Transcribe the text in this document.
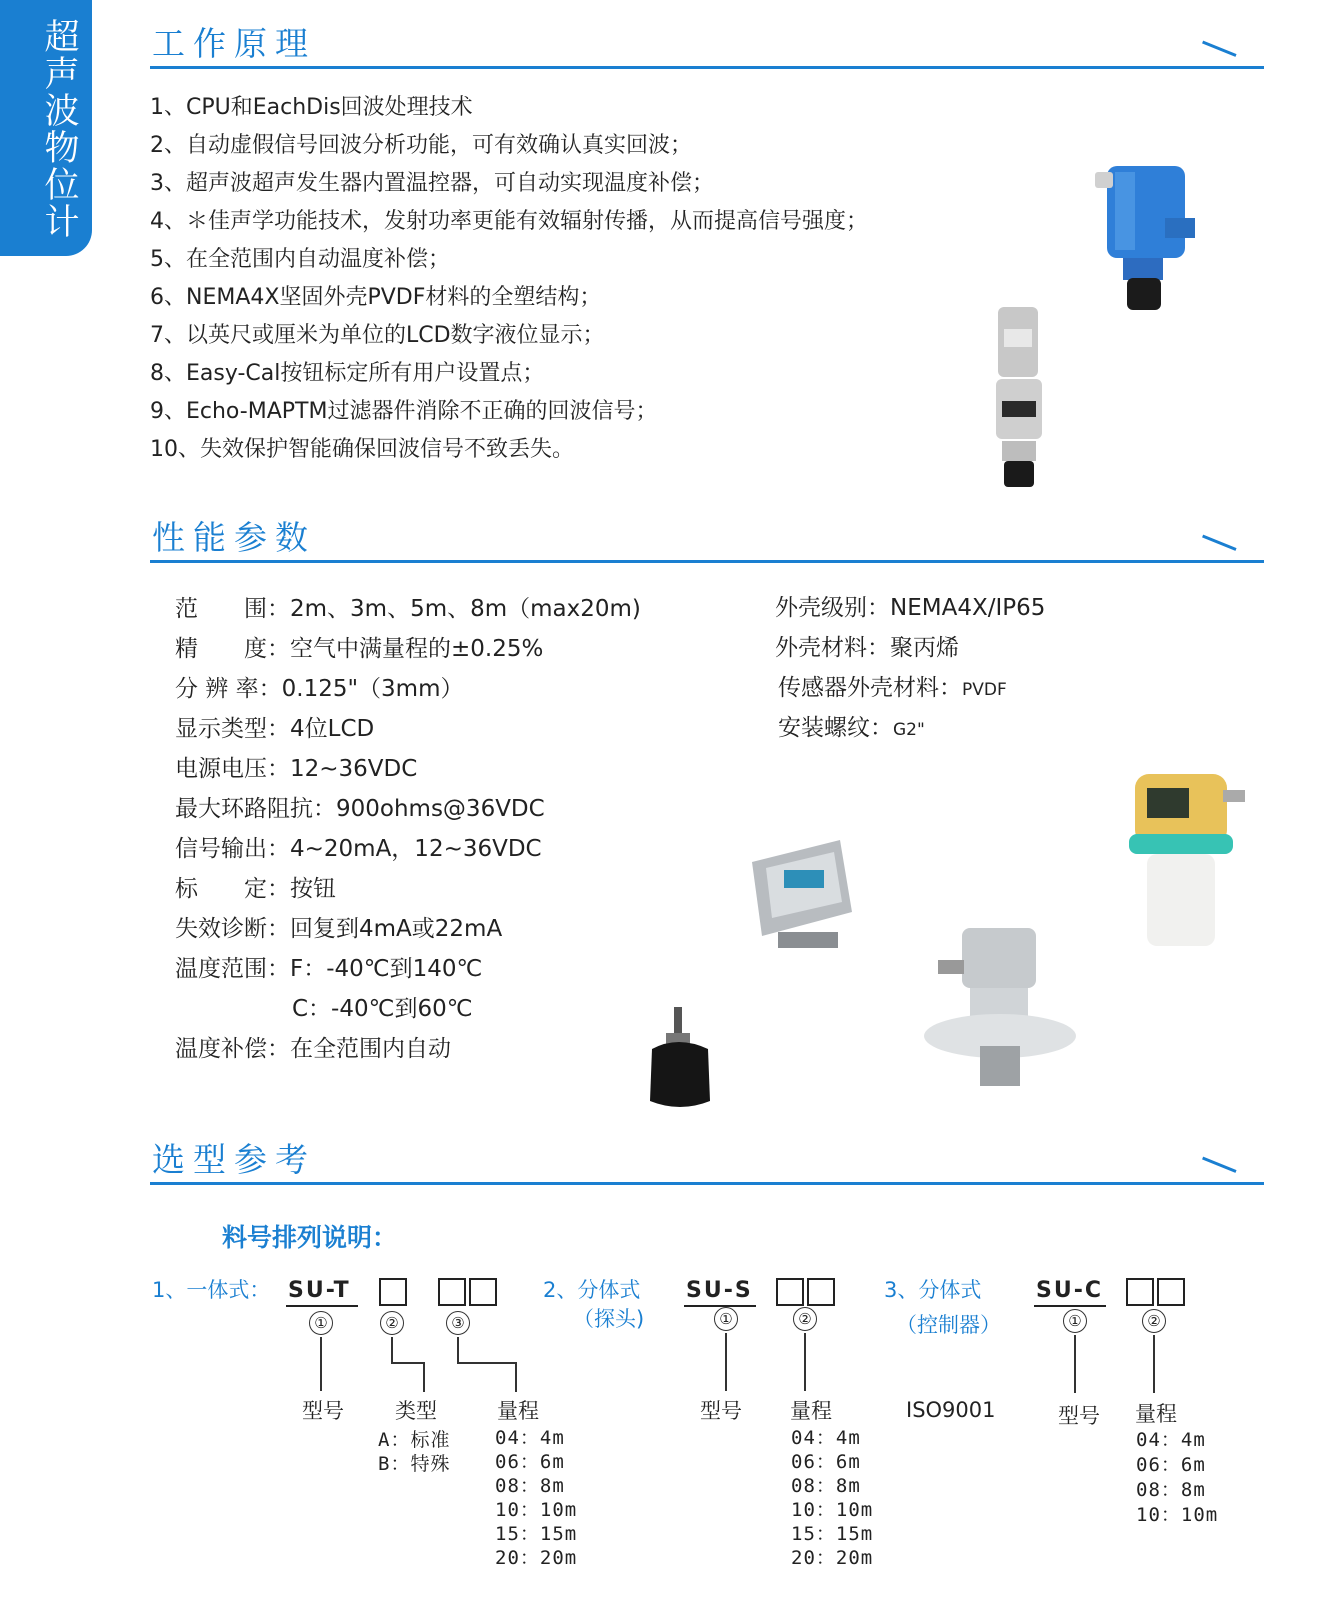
超声波物位计
工作原理
1、CPU和EachDis回波处理技术
2、自动虚假信号回波分析功能，可有效确认真实回波；
3、超声波超声发生器内置温控器，可自动实现温度补偿；
4、＊佳声学功能技术，发射功率更能有效辐射传播，从而提高信号强度；
5、在全范围内自动温度补偿；
6、NEMA4X坚固外壳PVDF材料的全塑结构；
7、以英尺或厘米为单位的LCD数字液位显示；
8、Easy-Cal按钮标定所有用户设置点；
9、Echo-MAPTM过滤器件消除不正确的回波信号；
10、失效保护智能确保回波信号不致丢失。
性能参数
范　　围：2m、3m、5m、8m（max20m)
精　　度：空气中满量程的±0.25%
分 辨 率：0.125"（3mm）
显示类型：4位LCD
电源电压：12~36VDC
最大环路阻抗：900ohms@36VDC
信号输出：4~20mA，12~36VDC
标　　定：按钮
失效诊断：回复到4mA或22mA
温度范围：F：-40℃到140℃
C：-40℃到60℃
温度补偿：在全范围内自动
外壳级别：NEMA4X/IP65
外壳材料：聚丙烯
传感器外壳材料：PVDF
安装螺纹：G2"
选型参考
料号排列说明：
1、一体式： SU-T

①	②	③
型号 类型	量程
A：标准
B：特殊
04：4m
06：6m
08：8m
10：10m
15：15m
20：20m
2、分体式
（探头)
SU-S
①	②
型号 量程
04：4m
06：6m
08：8m
10：10m
15：15m
20：20m
3、分体式
（控制器）
SU-C
①	②
ISO9001	型号 量程
04：4m
06：6m
08：8m
10：10m
